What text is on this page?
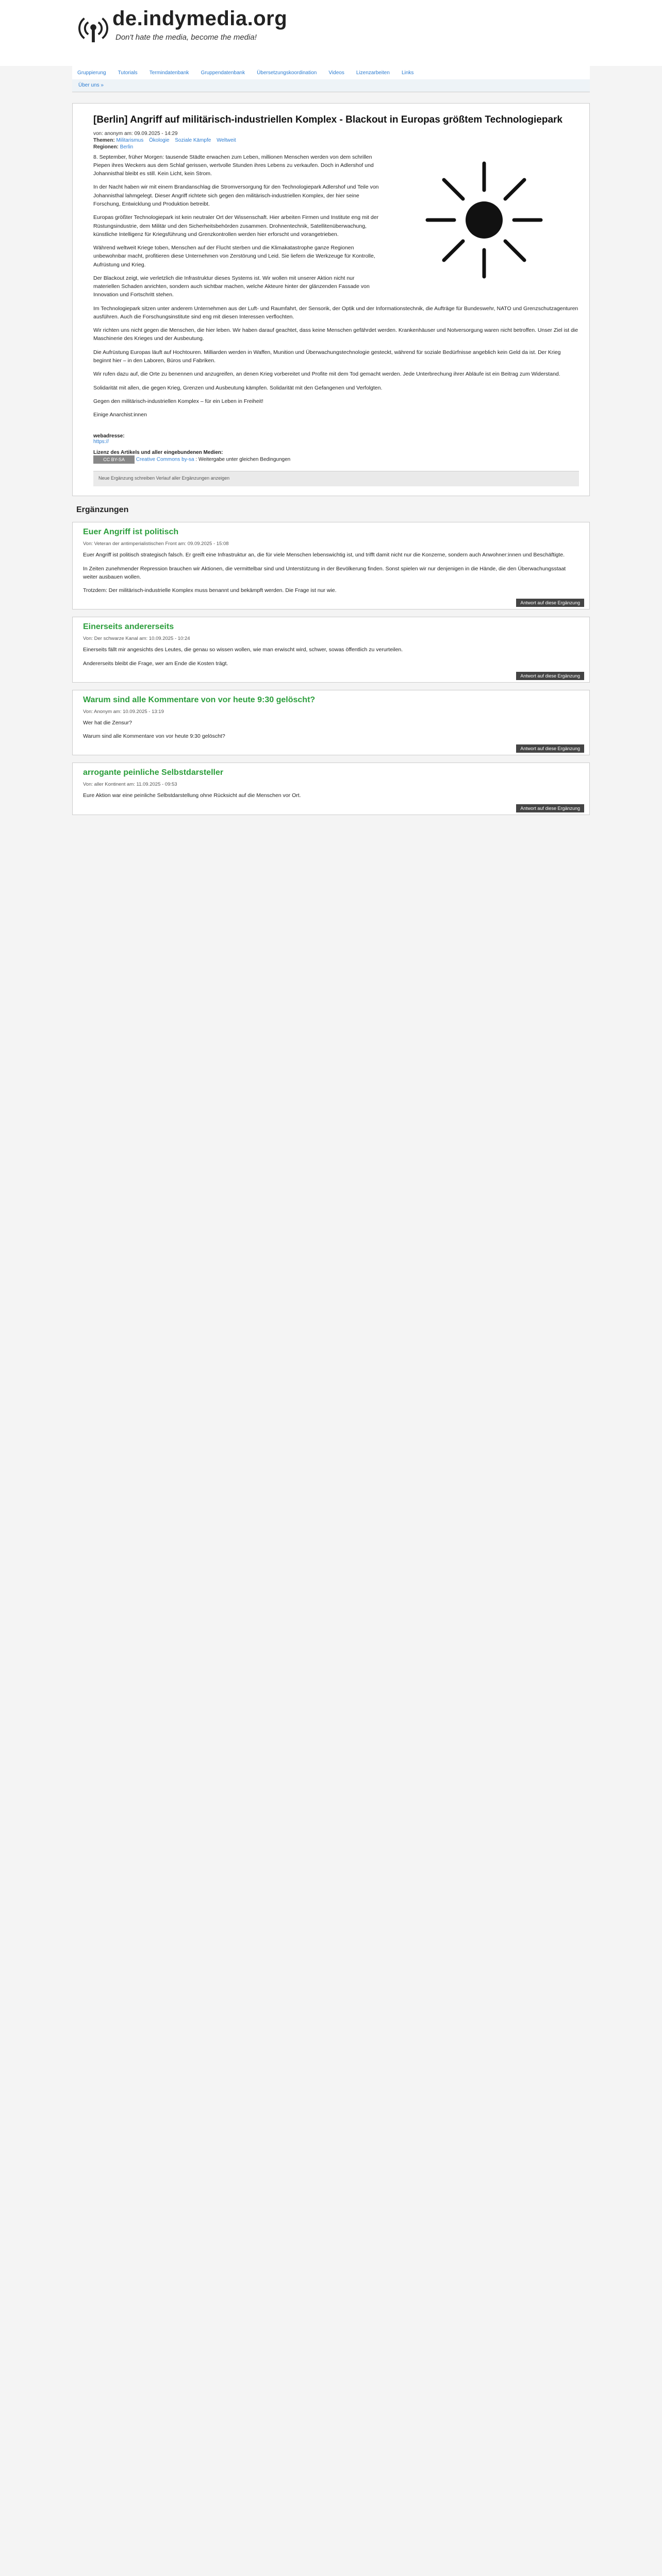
de.indymedia.org
Don't hate the media, become the media!
Gruppierung Tutorials Termindatenbank Gruppendatenbank Übersetzungskoordination Videos Lizenzarbeiten Links
Über uns »
[Berlin] Angriff auf militärisch-industriellen Komplex - Blackout in Europas größtem Technologiepark
von: anonym am: 09.09.2025 - 14:29
Themen: Militarismus Ökologie Soziale Kämpfe Weltweit
Regionen: Berlin
8. September, früher Morgen: tausende Städte erwachen zum Leben, millionen Menschen werden von dem schrillen Piepen ihres Weckers aus dem Schlaf gerissen, wertvolle Stunden ihres Lebens zu verkaufen. Doch in Adlershof und Johannisthal bleibt es still. Kein Licht, kein Strom.

In der Nacht haben wir mit einem Brandanschlag die Stromversorgung für den Technologiepark Adlershof und Teile von Johannisthal lahmgelegt. Dieser Angriff richtete sich gegen den militärisch-industriellen Komplex, der hier seine Forschung, Entwicklung und Produktion betreibt.

Europas größter Technologiepark ist kein neutraler Ort der Wissenschaft. Hier arbeiten Firmen und Institute eng mit der Rüstungsindustrie, dem Militär und den Sicherheitsbehörden zusammen. Drohnentechnik, Satellitenüberwachung, künstliche Intelligenz für Kriegsführung und Grenzkontrollen werden hier erforscht und vorangetrieben.

Während weltweit Kriege toben, Menschen auf der Flucht sterben und die Klimakatastrophe ganze Regionen unbewohnbar macht, profitieren diese Unternehmen von Zerstörung und Leid. Sie liefern die Werkzeuge für Kontrolle, Aufrüstung und Krieg.

Der Blackout zeigt, wie verletzlich die Infrastruktur dieses Systems ist. Wir wollen mit unserer Aktion nicht nur materiellen Schaden anrichten, sondern auch sichtbar machen, welche Akteure hinter der glänzenden Fassade von Innovation und Fortschritt stehen.

Im Technologiepark sitzen unter anderem Unternehmen aus der Luft- und Raumfahrt, der Sensorik, der Optik und der Informationstechnik, die Aufträge für Bundeswehr, NATO und Grenzschutzagenturen ausführen. Auch die Forschungsinstitute sind eng mit diesen Interessen verflochten.

Wir richten uns nicht gegen die Menschen, die hier leben. Wir haben darauf geachtet, dass keine Menschen gefährdet werden. Krankenhäuser und Notversorgung waren nicht betroffen. Unser Ziel ist die Maschinerie des Krieges und der Ausbeutung.

Die Aufrüstung Europas läuft auf Hochtouren. Milliarden werden in Waffen, Munition und Überwachungstechnologie gesteckt, während für soziale Bedürfnisse angeblich kein Geld da ist. Der Krieg beginnt hier – in den Laboren, Büros und Fabriken.

Wir rufen dazu auf, die Orte zu benennen und anzugreifen, an denen Krieg vorbereitet und Profite mit dem Tod gemacht werden. Jede Unterbrechung ihrer Abläufe ist ein Beitrag zum Widerstand.

Solidarität mit allen, die gegen Krieg, Grenzen und Ausbeutung kämpfen. Solidarität mit den Gefangenen und Verfolgten.

Gegen den militärisch-industriellen Komplex – für ein Leben in Freiheit!

Einige Anarchist:innen

webadresse:
https://
Lizenz des Artikels und aller eingebundenen Medien:
CC BY-SA Creative Commons by-sa : Weitergabe unter gleichen Bedingungen
Neue Ergänzung schreiben Verlauf aller Ergänzungen anzeigen
Ergänzungen
Euer Angriff ist politisch
Von: Veteran der antimperialistischen Front am: 09.09.2025 - 15:08

Euer Angriff ist politisch strategisch falsch. Er greift eine Infrastruktur an, die für viele Menschen lebenswichtig ist, und trifft damit nicht nur die Konzerne, sondern auch Anwohner:innen und Beschäftigte.

In Zeiten zunehmender Repression brauchen wir Aktionen, die vermittelbar sind und Unterstützung in der Bevölkerung finden. Sonst spielen wir nur denjenigen in die Hände, die den Überwachungsstaat weiter ausbauen wollen.

Trotzdem: Der militärisch-industrielle Komplex muss benannt und bekämpft werden. Die Frage ist nur wie.

Antwort auf diese Ergänzung
Einerseits andererseits
Von: Der schwarze Kanal am: 10.09.2025 - 10:24

Einerseits fällt mir angesichts des Leutes, die genau so wissen wollen, wie man erwischt wird, schwer, sowas öffentlich zu verurteilen.

Andererseits bleibt die Frage, wer am Ende die Kosten trägt.

Antwort auf diese Ergänzung
Warum sind alle Kommentare von vor heute 9:30 gelöscht?
Von: Anonym am: 10.09.2025 - 13:19

Wer hat die Zensur?

Warum sind alle Kommentare von vor heute 9:30 gelöscht?

Antwort auf diese Ergänzung
arrogante peinliche Selbstdarsteller
Von: aller Kontinent am: 11.09.2025 - 09:53

Eure Aktion war eine peinliche Selbstdarstellung ohne Rücksicht auf die Menschen vor Ort.

Antwort auf diese Ergänzung
